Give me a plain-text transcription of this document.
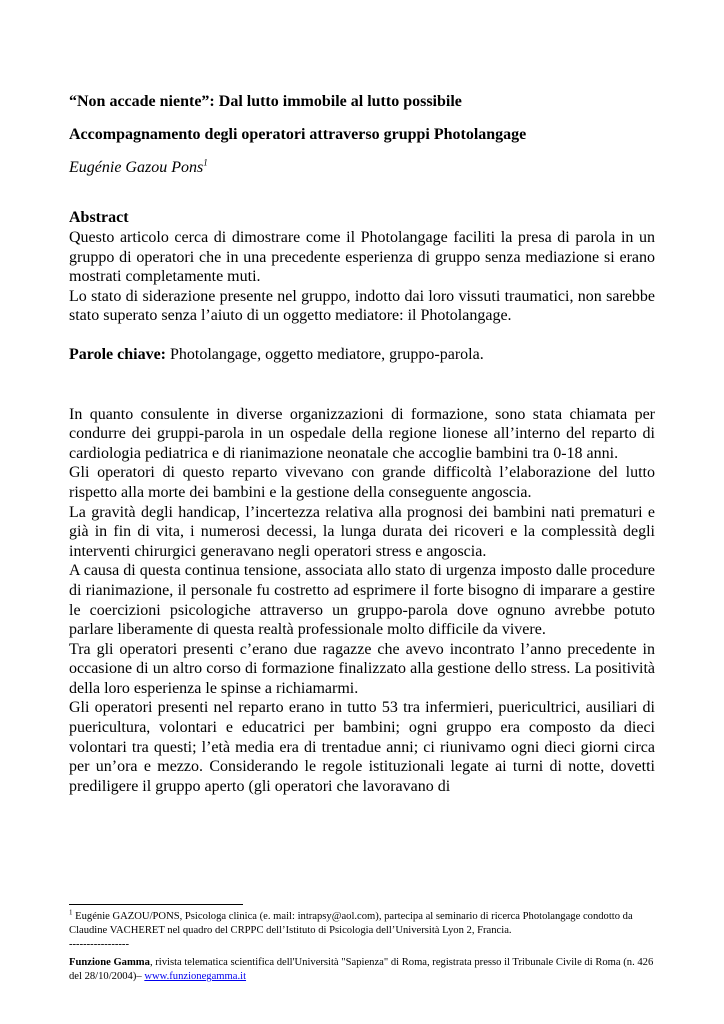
“Non accade niente”: Dal lutto immobile al lutto possibile
Accompagnamento degli operatori attraverso gruppi Photolangage
Eugénie Gazou Pons$^1$
Abstract

Questo articolo cerca di dimostrare come il Photolangage faciliti la presa di parola in un gruppo di operatori che in una precedente esperienza di gruppo senza mediazione si erano mostrati completamente muti.

Lo stato di siderazione presente nel gruppo, indotto dai loro vissuti traumatici, non sarebbe stato superato senza l’aiuto di un oggetto mediatore: il Photolangage.

Parole chiave: Photolangage, oggetto mediatore, gruppo-parola.

In quanto consulente in diverse organizzazioni di formazione, sono stata chiamata per condurre dei gruppi-parola in un ospedale della regione lionese all’interno del reparto di cardiologia pediatrica e di rianimazione neonatale che accoglie bambini tra 0-18 anni.

Gli operatori di questo reparto vivevano con grande difficoltà l’elaborazione del lutto rispetto alla morte dei bambini e la gestione della conseguente angoscia.

La gravità degli handicap, l’incertezza relativa alla prognosi dei bambini nati prematuri e già in fin di vita, i numerosi decessi, la lunga durata dei ricoveri e la complessità degli interventi chirurgici generavano negli operatori stress e angoscia.

A causa di questa continua tensione, associata allo stato di urgenza imposto dalle procedure di rianimazione, il personale fu costretto ad esprimere il forte bisogno di imparare a gestire le coercizioni psicologiche attraverso un gruppo-parola dove ognuno avrebbe potuto parlare liberamente di questa realtà professionale molto difficile da vivere.

Tra gli operatori presenti c’erano due ragazze che avevo incontrato l’anno precedente in occasione di un altro corso di formazione finalizzato alla gestione dello stress. La positività della loro esperienza le spinse a richiamarmi.

Gli operatori presenti nel reparto erano in tutto 53 tra infermieri, puericultrici, ausiliari di puericultura, volontari e educatrici per bambini; ogni gruppo era composto da dieci volontari tra questi; l’età media era di trentadue anni; ci riunivamo ogni dieci giorni circa per un’ora e mezzo. Considerando le regole istituzionali legate ai turni di notte, dovetti prediligere il gruppo aperto (gli operatori che lavoravano di

$^1$ Eugénie GAZOU/PONS, Psicologa clinica (e. mail: intrapsy@aol.com), partecipa al seminario di ricerca Photolangage condotto da Claudine VACHERET nel quadro del CRPPC dell’Istituto di Psicologia dell’Università Lyon 2, Francia.
-----------------
Funzione Gamma, rivista telematica scientifica dell'Università "Sapienza" di Roma, registrata presso il Tribunale Civile di Roma (n. 426 del 28/10/2004)– www.funzionegamma.it
